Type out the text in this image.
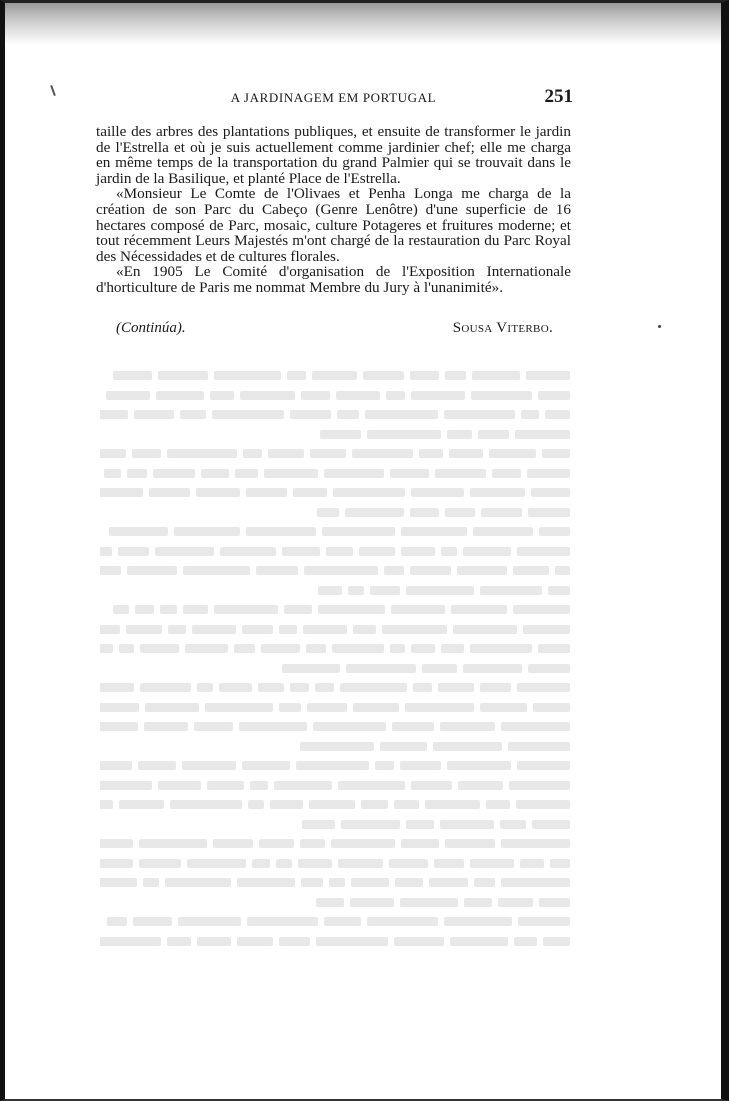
A JARDINAGEM EM PORTUGAL	251

taille des arbres des plantations publiques, et ensuite de transformer le jardin de l'Estrella et où je suis actuellement comme jardinier chef; elle me charga en même temps de la transportation du grand Palmier qui se trouvait dans le jardin de la Basilique, et planté Place de l'Estrella.

«Monsieur Le Comte de l'Olivaes et Penha Longa me charga de la création de son Parc du Cabeço (Genre Lenôtre) d'une superficie de 16 hectares composé de Parc, mosaic, culture Potageres et fruitures moderne; et tout récemment Leurs Majestés m'ont chargé de la restauration du Parc Royal des Nécessidades et de cultures florales.

«En 1905 Le Comité d'organisation de l'Exposition Internationale d'horticulture de Paris me nommat Membre du Jury à l'unanimité».

(Continúa).	Sousa Viterbo.
